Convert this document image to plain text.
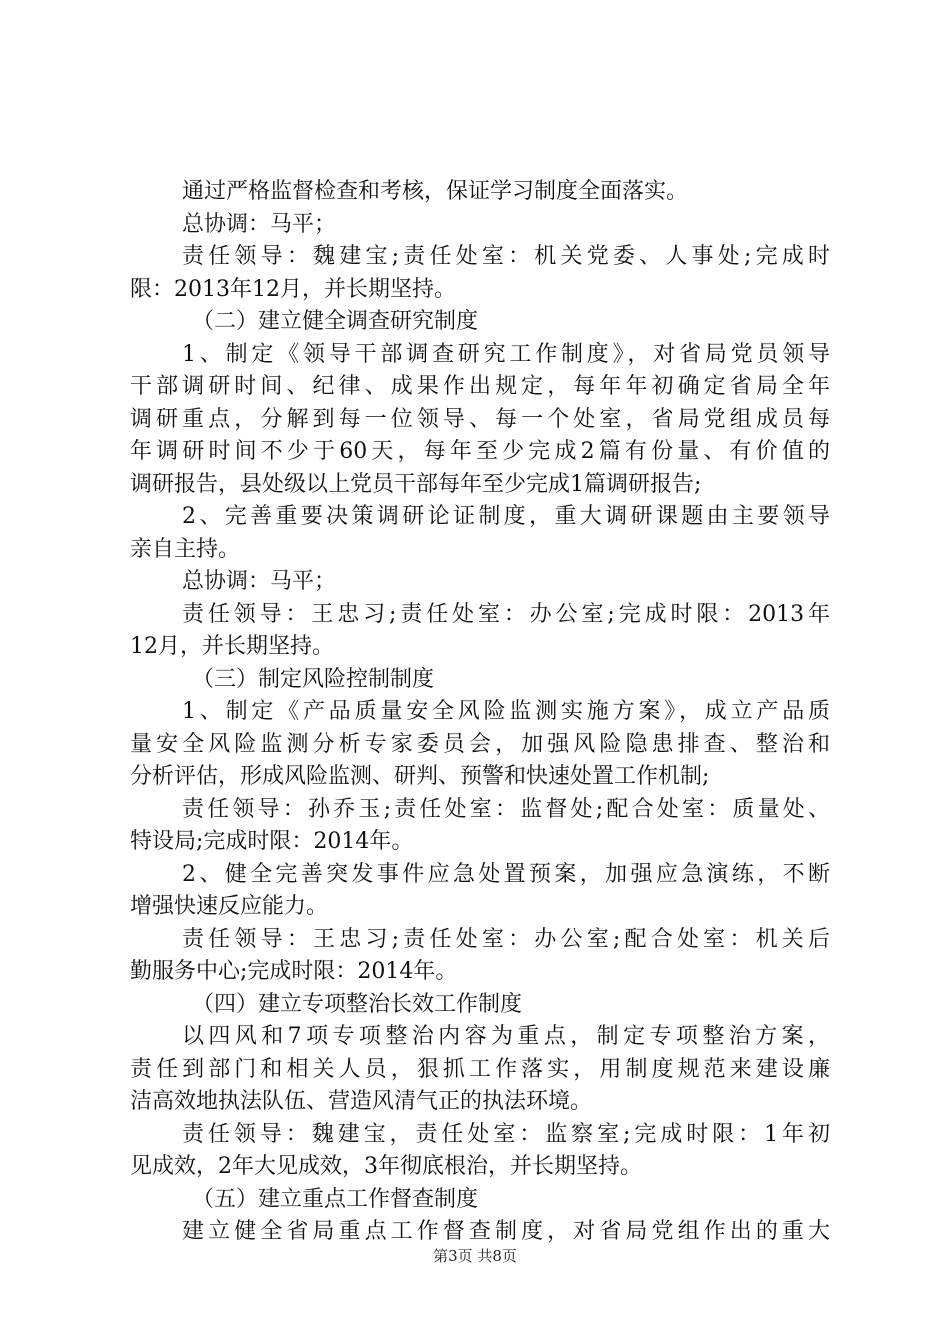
通过严格监督检查和考核，保证学习制度全面落实。
总协调：马平；
责任领导：魏建宝;责任处室：机关党委、人事处;完成时
限：2013年12月，并长期坚持。
（二）建立健全调查研究制度
1、制定《领导干部调查研究工作制度》，对省局党员领导
干部调研时间、纪律、成果作出规定，每年年初确定省局全年
调研重点，分解到每一位领导、每一个处室，省局党组成员每
年调研时间不少于60天，每年至少完成2篇有份量、有价值的
调研报告，县处级以上党员干部每年至少完成1篇调研报告;
2、完善重要决策调研论证制度，重大调研课题由主要领导
亲自主持。
总协调：马平；
责任领导：王忠习;责任处室：办公室;完成时限：2013年
12月，并长期坚持。
（三）制定风险控制制度
1、制定《产品质量安全风险监测实施方案》，成立产品质
量安全风险监测分析专家委员会，加强风险隐患排查、整治和
分析评估，形成风险监测、研判、预警和快速处置工作机制;
责任领导：孙乔玉;责任处室：监督处;配合处室：质量处、
特设局;完成时限：2014年。
2、健全完善突发事件应急处置预案，加强应急演练，不断
增强快速反应能力。
责任领导：王忠习;责任处室：办公室;配合处室：机关后
勤服务中心;完成时限：2014年。
（四）建立专项整治长效工作制度
以四风和7项专项整治内容为重点，制定专项整治方案，
责任到部门和相关人员，狠抓工作落实，用制度规范来建设廉
洁高效地执法队伍、营造风清气正的执法环境。
责任领导：魏建宝，责任处室：监察室;完成时限：1年初
见成效，2年大见成效，3年彻底根治，并长期坚持。
（五）建立重点工作督查制度
建立健全省局重点工作督查制度，对省局党组作出的重大
第3页 共8页
